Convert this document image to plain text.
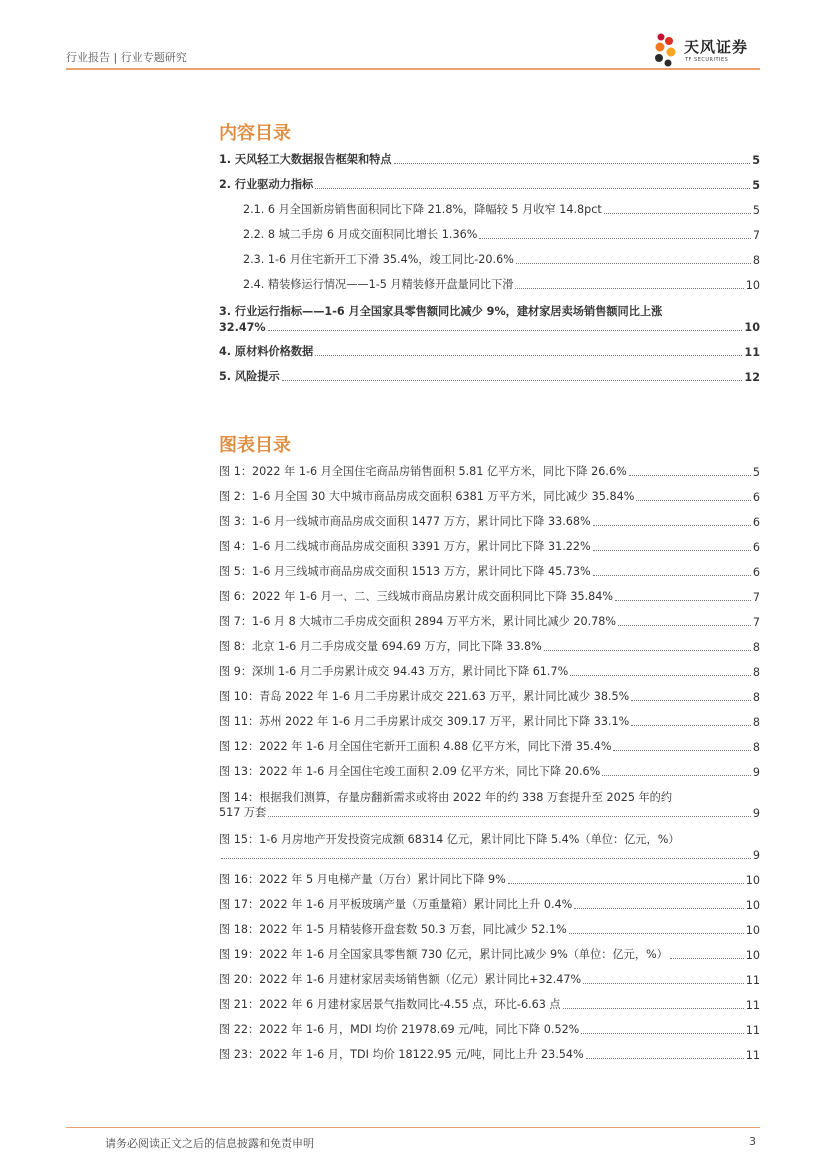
行业报告 | 行业专题研究
天风证券
TF SECURITIES
内容目录
1. 天风轻工大数据报告框架和特点	5
2. 行业驱动力指标	5
2.1. 6 月全国新房销售面积同比下降 21.8%，降幅较 5 月收窄 14.8pct	5
2.2. 8 城二手房 6 月成交面积同比增长 1.36%	7
2.3. 1-6 月住宅新开工下滑 35.4%，竣工同比-20.6%	8
2.4. 精装修运行情况——1-5 月精装修开盘量同比下滑	10
3. 行业运行指标——1-6 月全国家具零售额同比减少 9%，建材家居卖场销售额同比上涨
32.47%	10
4. 原材料价格数据	11
5. 风险提示	12
图表目录
图 1：2022 年 1-6 月全国住宅商品房销售面积 5.81 亿平方米，同比下降 26.6%	5
图 2：1-6 月全国 30 大中城市商品房成交面积 6381 万平方米，同比减少 35.84%	6
图 3：1-6 月一线城市商品房成交面积 1477 万方，累计同比下降 33.68%	6
图 4：1-6 月二线城市商品房成交面积 3391 万方，累计同比下降 31.22%	6
图 5：1-6 月三线城市商品房成交面积 1513 万方，累计同比下降 45.73%	6
图 6：2022 年 1-6 月一、二、三线城市商品房累计成交面积同比下降 35.84%	7
图 7：1-6 月 8 大城市二手房成交面积 2894 万平方米，累计同比减少 20.78%	7
图 8：北京 1-6 月二手房成交量 694.69 万方，同比下降 33.8%	8
图 9：深圳 1-6 月二手房累计成交 94.43 万方，累计同比下降 61.7%	8
图 10：青岛 2022 年 1-6 月二手房累计成交 221.63 万平，累计同比减少 38.5%	8
图 11：苏州 2022 年 1-6 月二手房累计成交 309.17 万平，累计同比下降 33.1%	8
图 12：2022 年 1-6 月全国住宅新开工面积 4.88 亿平方米，同比下滑 35.4%	8
图 13：2022 年 1-6 月全国住宅竣工面积 2.09 亿平方米，同比下降 20.6%	9
图 14：根据我们测算，存量房翻新需求或将由 2022 年的约 338 万套提升至 2025 年的约
517 万套	9
图 15：1-6 月房地产开发投资完成额 68314 亿元，累计同比下降 5.4%（单位：亿元，%）
9
图 16：2022 年 5 月电梯产量（万台）累计同比下降 9%	10
图 17：2022 年 1-6 月平板玻璃产量（万重量箱）累计同比上升 0.4%	10
图 18：2022 年 1-5 月精装修开盘套数 50.3 万套，同比减少 52.1%	10
图 19：2022 年 1-6 月全国家具零售额 730 亿元，累计同比减少 9%（单位：亿元，%）	10
图 20：2022 年 1-6 月建材家居卖场销售额（亿元）累计同比+32.47%	11
图 21：2022 年 6 月建材家居景气指数同比-4.55 点，环比-6.63 点	11
图 22：2022 年 1-6 月，MDI 均价 21978.69 元/吨，同比下降 0.52%	11
图 23：2022 年 1-6 月，TDI 均价 18122.95 元/吨，同比上升 23.54%	11
请务必阅读正文之后的信息披露和免责申明	3
